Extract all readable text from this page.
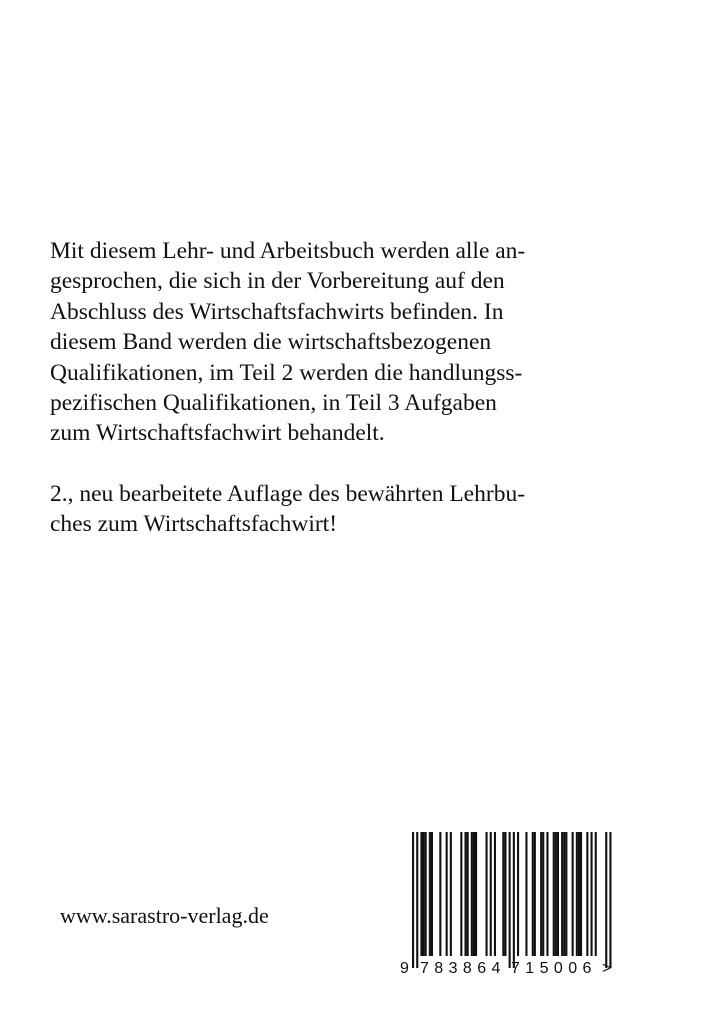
Mit diesem Lehr- und Arbeitsbuch werden alle an-
gesprochen, die sich in der Vorbereitung auf den
Abschluss des Wirtschaftsfachwirts befinden. In
diesem Band werden die wirtschaftsbezogenen
Qualifikationen, im Teil 2 werden die handlungss-
pezifischen Qualifikationen, in Teil 3 Aufgaben
zum Wirtschaftsfachwirt behandelt.
2., neu bearbeitete Auflage des bewährten Lehrbu-
ches zum Wirtschaftsfachwirt!
www.sarastro-verlag.de
9 783864 715006 >
